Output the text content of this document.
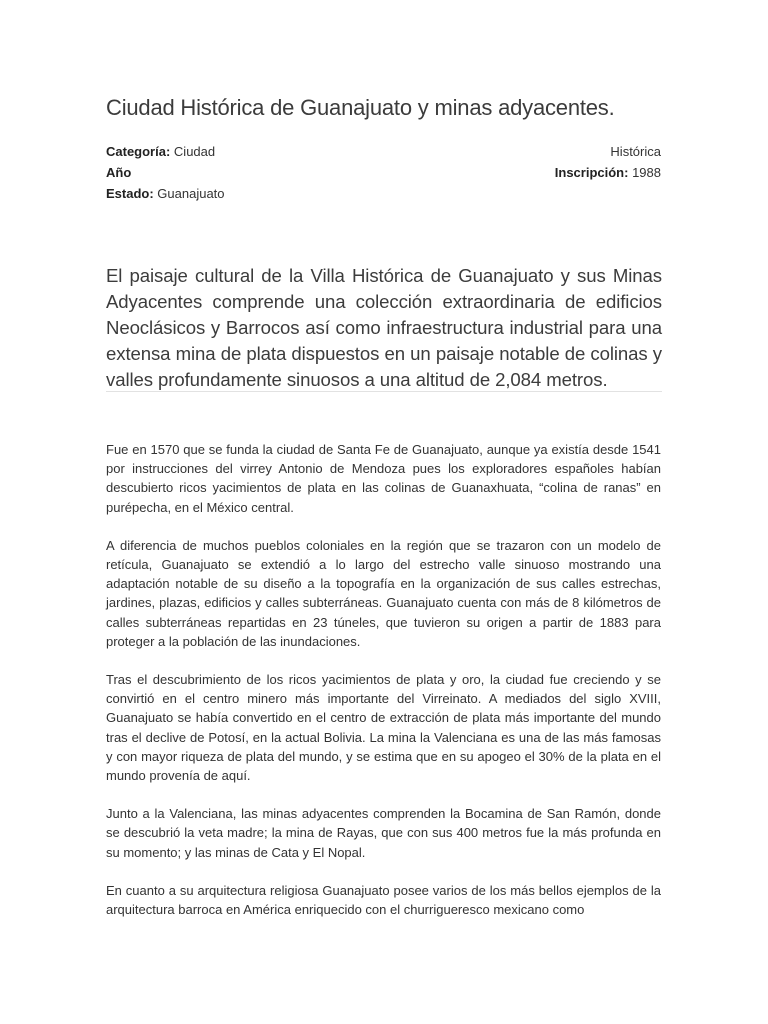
Ciudad Histórica de Guanajuato y minas adyacentes.
Categoría: Ciudad
Año
Estado: Guanajuato
Histórica
Inscripción: 1988

El paisaje cultural de la Villa Histórica de Guanajuato y sus Minas Adyacentes comprende una colección extraordinaria de edificios Neoclásicos y Barrocos así como infraestructura industrial para una extensa mina de plata dispuestos en un paisaje notable de colinas y valles profundamente sinuosos a una altitud de 2,084 metros.

Fue en 1570 que se funda la ciudad de Santa Fe de Guanajuato, aunque ya existía desde 1541 por instrucciones del virrey Antonio de Mendoza pues los exploradores españoles habían descubierto ricos yacimientos de plata en las colinas de Guanaxhuata, “colina de ranas” en purépecha, en el México central.

A diferencia de muchos pueblos coloniales en la región que se trazaron con un modelo de retícula, Guanajuato se extendió a lo largo del estrecho valle sinuoso mostrando una adaptación notable de su diseño a la topografía en la organización de sus calles estrechas, jardines, plazas, edificios y calles subterráneas. Guanajuato cuenta con más de 8 kilómetros de calles subterráneas repartidas en 23 túneles, que tuvieron su origen a partir de 1883 para proteger a la población de las inundaciones.

Tras el descubrimiento de los ricos yacimientos de plata y oro, la ciudad fue creciendo y se convirtió en el centro minero más importante del Virreinato. A mediados del siglo XVIII, Guanajuato se había convertido en el centro de extracción de plata más importante del mundo tras el declive de Potosí, en la actual Bolivia. La mina la Valenciana es una de las más famosas y con mayor riqueza de plata del mundo, y se estima que en su apogeo el 30% de la plata en el mundo provenía de aquí.

Junto a la Valenciana, las minas adyacentes comprenden la Bocamina de San Ramón, donde se descubrió la veta madre; la mina de Rayas, que con sus 400 metros fue la más profunda en su momento; y las minas de Cata y El Nopal.

En cuanto a su arquitectura religiosa Guanajuato posee varios de los más bellos ejemplos de la arquitectura barroca en América enriquecido con el churrigueresco mexicano como
